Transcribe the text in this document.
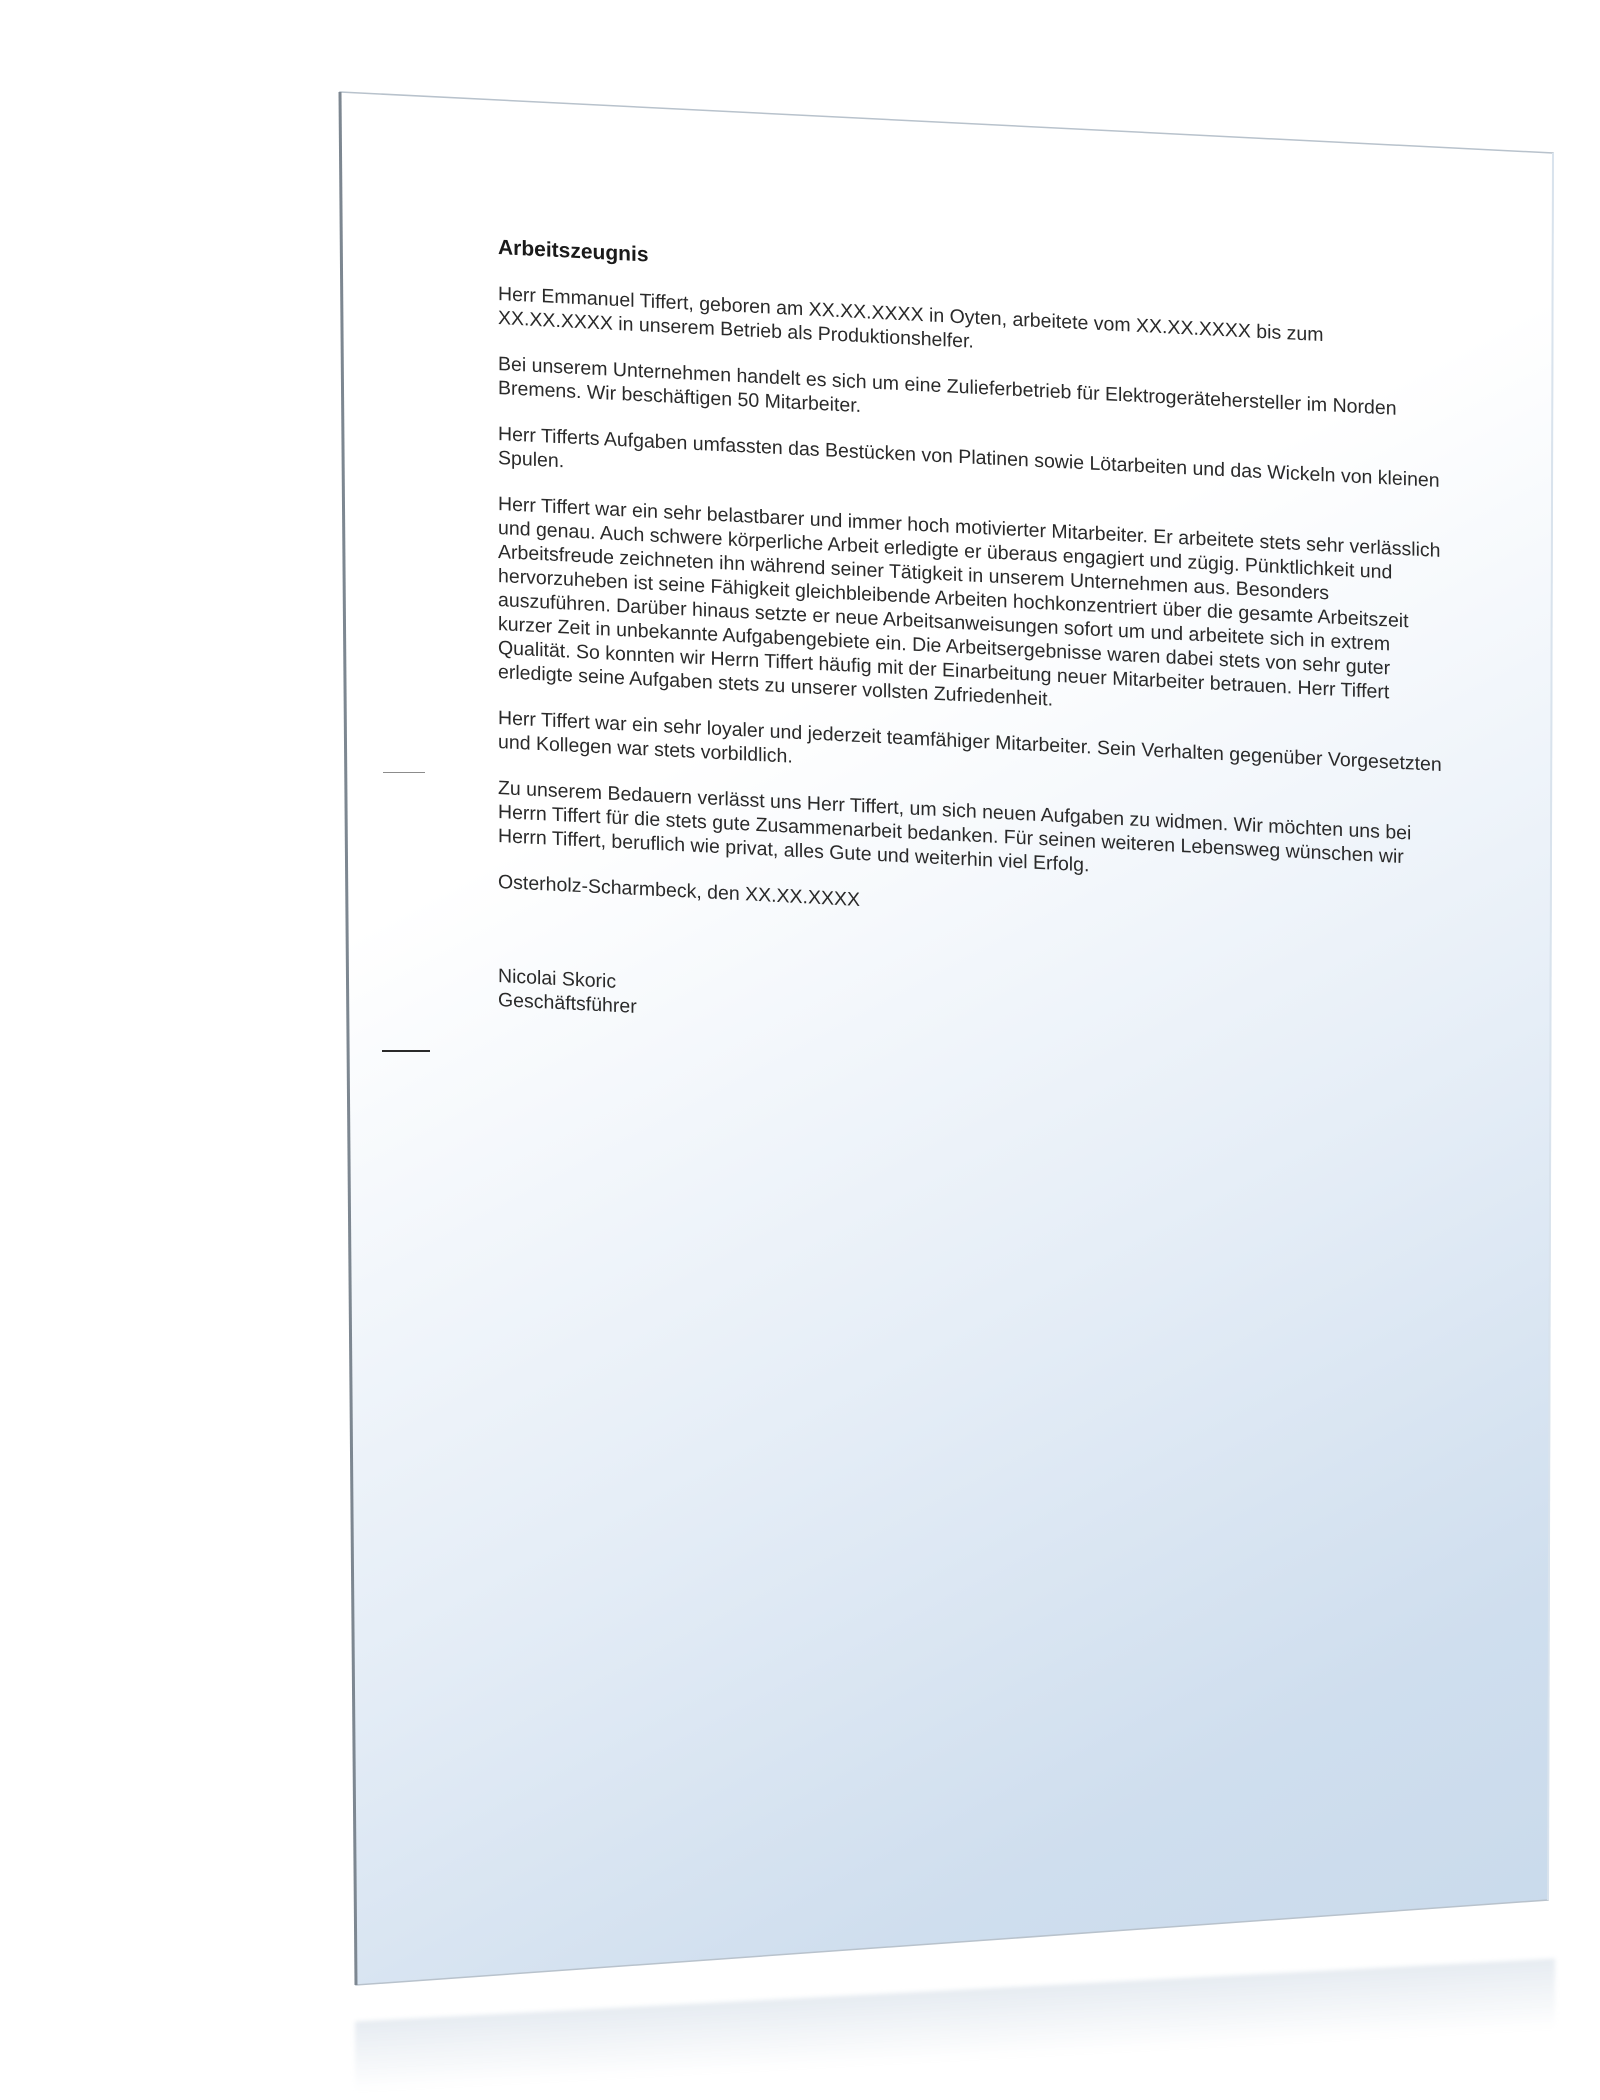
Arbeitszeugnis

Herr Emmanuel Tiffert, geboren am XX.XX.XXXX in Oyten, arbeitete vom XX.XX.XXXX bis zum XX.XX.XXXX in unserem Betrieb als Produktionshelfer.

Bei unserem Unternehmen handelt es sich um eine Zulieferbetrieb für Elektrogerätehersteller im Norden Bremens. Wir beschäftigen 50 Mitarbeiter.

Herr Tifferts Aufgaben umfassten das Bestücken von Platinen sowie Lötarbeiten und das Wickeln von kleinen Spulen.

Herr Tiffert war ein sehr belastbarer und immer hoch motivierter Mitarbeiter. Er arbeitete stets sehr verlässlich und genau. Auch schwere körperliche Arbeit erledigte er überaus engagiert und zügig. Pünktlichkeit und Arbeitsfreude zeichneten ihn während seiner Tätigkeit in unserem Unternehmen aus. Besonders hervorzuheben ist seine Fähigkeit gleichbleibende Arbeiten hochkonzentriert über die gesamte Arbeitszeit auszuführen. Darüber hinaus setzte er neue Arbeitsanweisungen sofort um und arbeitete sich in extrem kurzer Zeit in unbekannte Aufgabengebiete ein. Die Arbeitsergebnisse waren dabei stets von sehr guter Qualität. So konnten wir Herrn Tiffert häufig mit der Einarbeitung neuer Mitarbeiter betrauen. Herr Tiffert erledigte seine Aufgaben stets zu unserer vollsten Zufriedenheit.

Herr Tiffert war ein sehr loyaler und jederzeit teamfähiger Mitarbeiter. Sein Verhalten gegenüber Vorgesetzten und Kollegen war stets vorbildlich.

Zu unserem Bedauern verlässt uns Herr Tiffert, um sich neuen Aufgaben zu widmen. Wir möchten uns bei Herrn Tiffert für die stets gute Zusammenarbeit bedanken. Für seinen weiteren Lebensweg wünschen wir Herrn Tiffert, beruflich wie privat, alles Gute und weiterhin viel Erfolg.

Osterholz-Scharmbeck, den XX.XX.XXXX

Nicolai Skoric

Geschäftsführer
